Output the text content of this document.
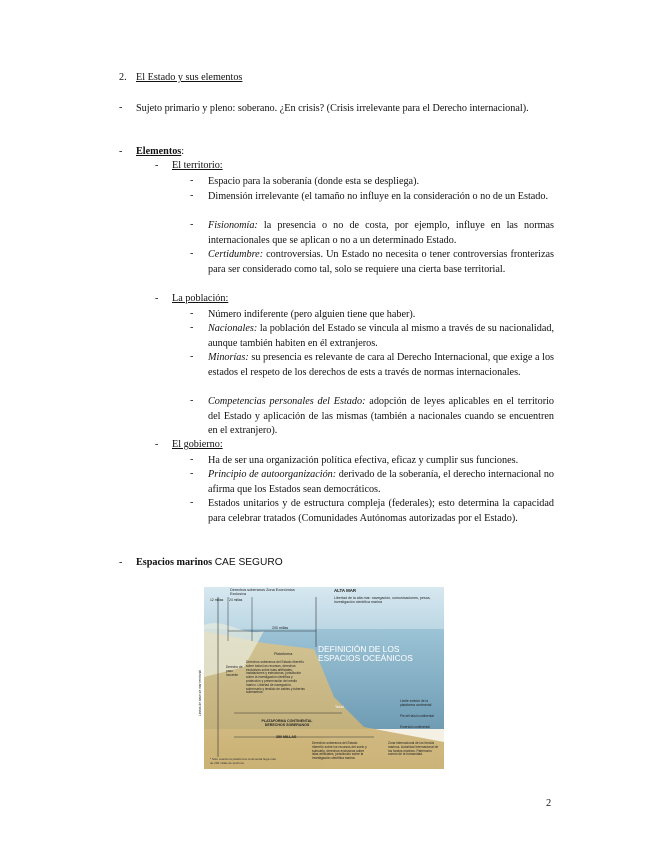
2. El Estado y sus elementos
- Sujeto primario y pleno: soberano. ¿En crisis? (Crisis irrelevante para el Derecho internacional).
- Elementos:
- El territorio:
- Espacio para la soberanía (donde esta se despliega).
- Dimensión irrelevante (el tamaño no influye en la consideración o no de un Estado.
- Fisionomía: la presencia o no de costa, por ejemplo, influye en las normas internacionales que se aplican o no a un determinado Estado.
- Certidumbre: controversias. Un Estado no necesita o tener controversias fronterizas para ser considerado como tal, solo se requiere una cierta base territorial.
- La población:
- Número indiferente (pero alguien tiene que haber).
- Nacionales: la población del Estado se vincula al mismo a través de su nacionalidad, aunque también habiten en él extranjeros.
- Minorías: su presencia es relevante de cara al Derecho Internacional, que exige a los estados el respeto de los derechos de ests a través de normas internacionales.
- Competencias personales del Estado: adopción de leyes aplicables en el territorio del Estado y aplicación de las mismas (también a nacionales cuando se encuentren en el extranjero).
- El gobierno:
- Ha de ser una organización política efectiva, eficaz y cumplir sus funciones.
- Principio de autoorganización: derivado de la soberanía, el derecho internacional no afirma que los Estados sean democráticos.
- Estados unitarios y de estructura compleja (federales); esto determina la capacidad para celebrar tratados (Comunidades Autónomas autorizadas por el Estado).
- Espacios marinos CAE SEGURO
Derechos soberanos Zona Económica Exclusiva
ALTA MAR
Libertad de la alta mar: navegación, comunicaciones, pesca, investigación científica marina
12 millas 24 millas
200 millas
DEFINICIÓN DE LOS ESPACIOS OCEÁNICOS
Plataforma
Derechos soberanos del Estado ribereño sobre todos los recursos, derechos exclusivos sobre islas artificiales, instalaciones y estructuras, jurisdicción sobre la investigación científica y protección y preservación del medio marino. Libertad de navegación, sobrevuelo y tendido de cables y tuberías submarinos.
Derecho de paso inocente
Líneas de base de mar territorial	Talud
Límite exterior de la plataforma continental
Pie del talud continental
Emersión continental
PLATAFORMA CONTINENTAL DERECHOS SOBERANOS
350 MILLAS
Derechos soberanos del Estado ribereño sobre los recursos del suelo y subsuelo, derechos exclusivos sobre islas artificiales, jurisdicción sobre la investigación científica marina.
Zona internacional de los fondos marinos. Autoridad Internacional de los fondos marinos. Patrimonio común de la humanidad.
* Sólo cuando la plataforma continental llega más de 200 millas de anchura.
2
